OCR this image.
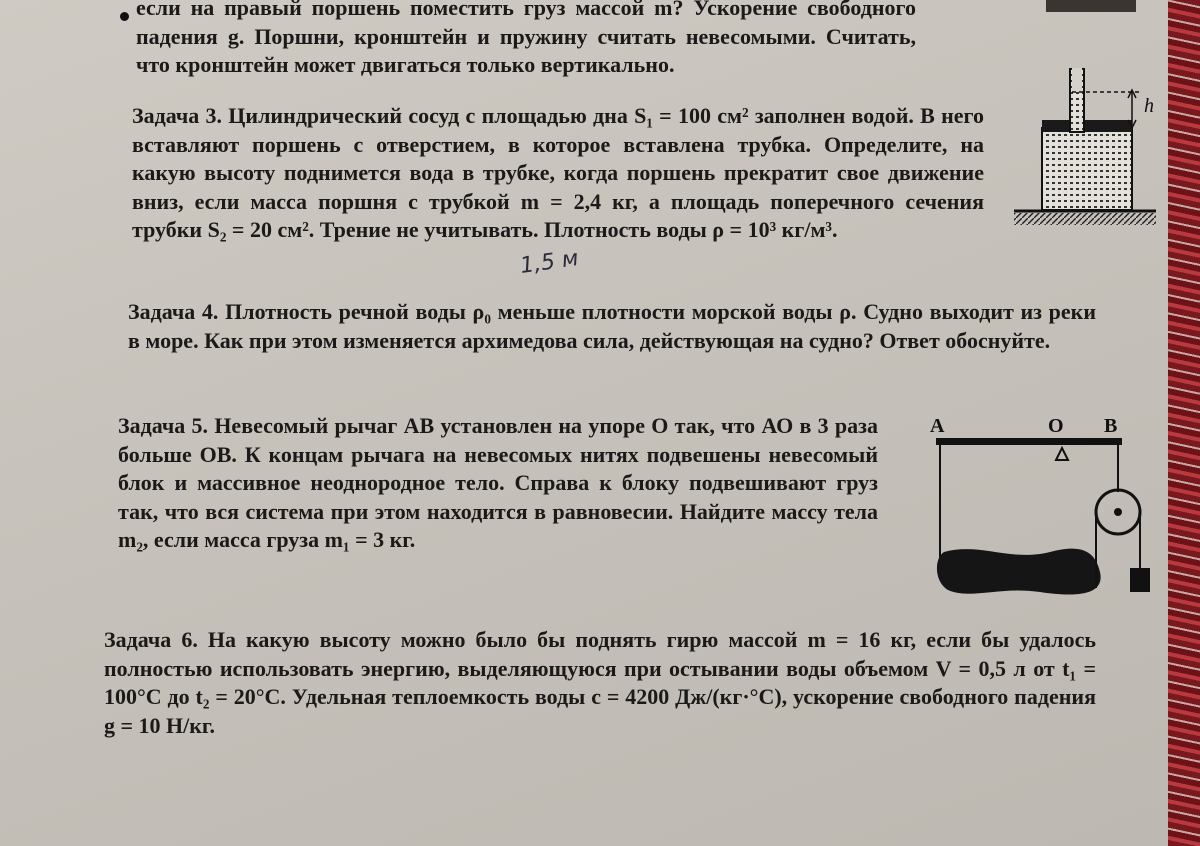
если на правый поршень поместить груз массой m? Ускорение свободного падения g. Поршни, кронштейн и пружину считать невесомыми. Считать, что кронштейн может двигаться только вертикально.

Задача 3. Цилиндрический сосуд с площадью дна S₁ = 100 см² заполнен водой. В него вставляют поршень с отверстием, в которое вставлена трубка. Определите, на какую высоту поднимется вода в трубке, когда поршень прекратит свое движение вниз, если масса поршня с трубкой m = 2,4 кг, а площадь поперечного сечения трубки S₂ = 20 см². Трение не учитывать. Плотность воды ρ = 10³ кг/м³.

1,5 м
h

Задача 4. Плотность речной воды ρ₀ меньше плотности морской воды ρ. Судно выходит из реки в море. Как при этом изменяется архимедова сила, действующая на судно? Ответ обоснуйте.

Задача 5. Невесомый рычаг АВ установлен на упоре О так, что АО в 3 раза больше ОВ. К концам рычага на невесомых нитях подвешены невесомый блок и массивное неоднородное тело. Справа к блоку подвешивают груз так, что вся система при этом находится в равновесии. Найдите массу тела m₂, если масса груза m₁ = 3 кг.

А	О В

Задача 6. На какую высоту можно было бы поднять гирю массой m = 16 кг, если бы удалось полностью использовать энергию, выделяющуюся при остывании воды объемом V = 0,5 л от t₁ = 100°С до t₂ = 20°С. Удельная теплоемкость воды c = 4200 Дж/(кг·°С), ускорение свободного падения g = 10 Н/кг.
